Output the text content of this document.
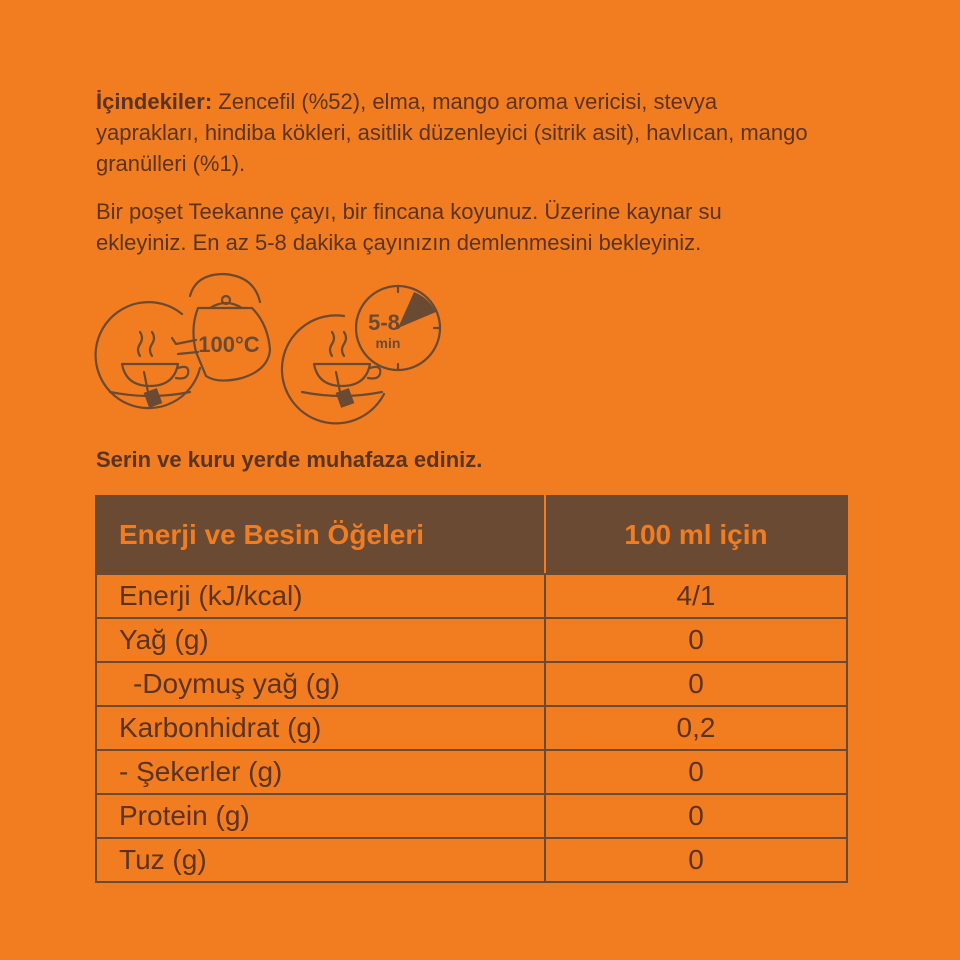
İçindekiler: Zencefil (%52), elma, mango aroma vericisi, stevya yaprakları, hindiba kökleri, asitlik düzenleyici (sitrik asit), havlıcan, mango granülleri (%1).

Bir poşet Teekanne çayı, bir fincana koyunuz. Üzerine kaynar su ekleyiniz. En az 5-8 dakika çayınızın demlenmesini bekleyiniz.

100°C
5-8
min

Serin ve kuru yerde muhafaza ediniz.

Enerji ve Besin Öğeleri	100 ml için
Enerji (kJ/kcal)	4/1
Yağ (g)	0
-Doymuş yağ (g)	0
Karbonhidrat (g)	0,2
- Şekerler (g)	0
Protein (g)	0
Tuz (g)	0
